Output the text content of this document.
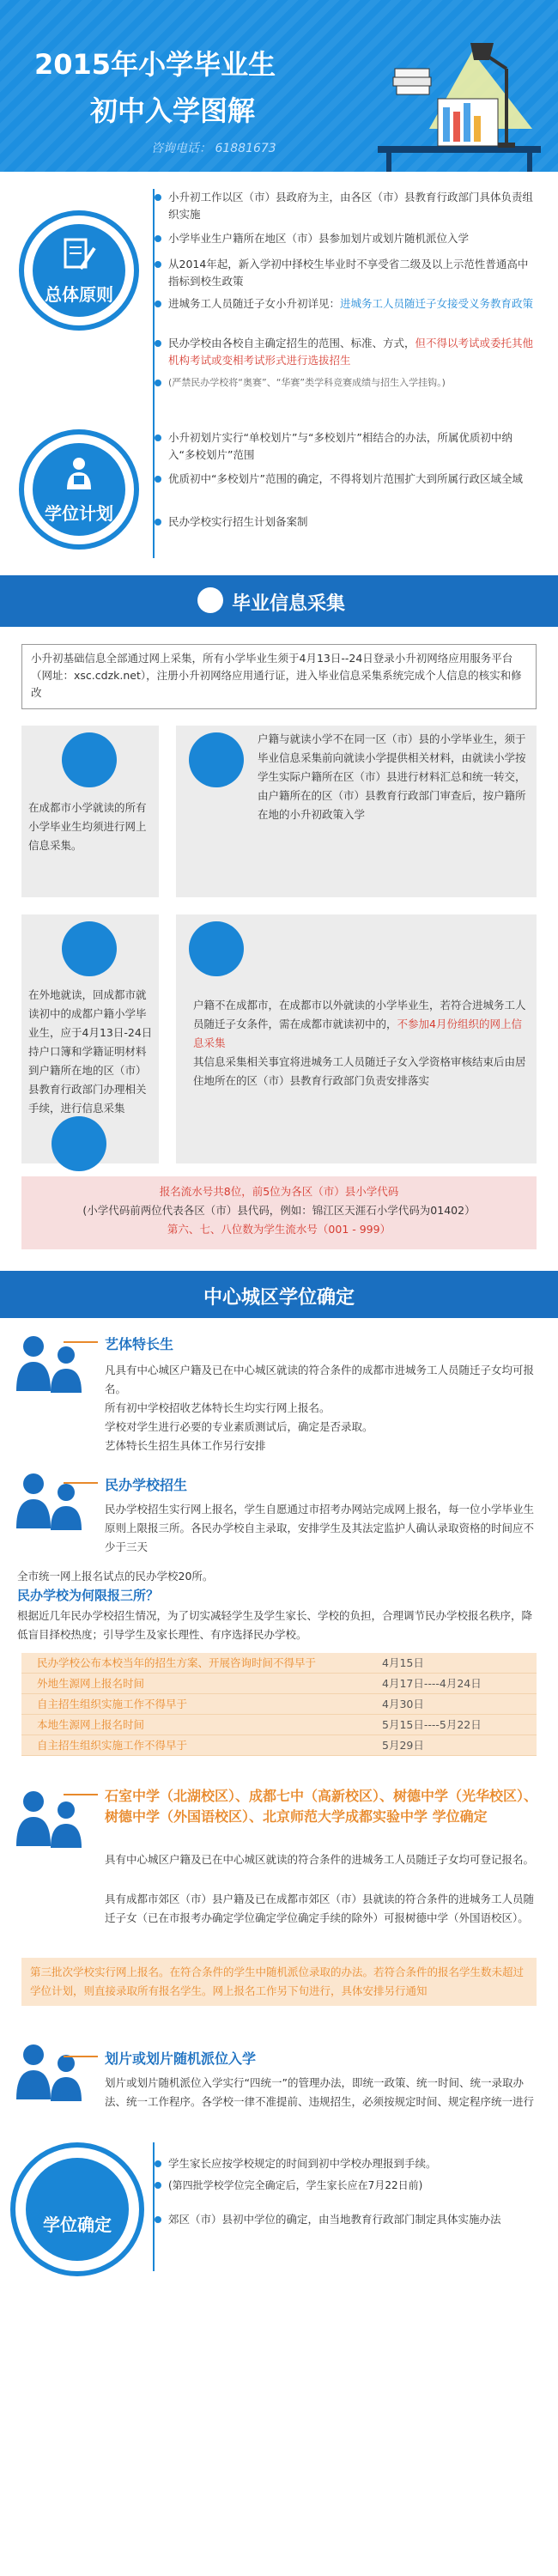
2015年小学毕业生
初中入学图解
咨询电话： 61881673
总体原则
小升初工作以区（市）县政府为主，由各区（市）县教育行政部门具体负责组织实施
小学毕业生户籍所在地区（市）县参加划片或划片随机派位入学
从2014年起，新入学初中择校生毕业时不享受省二级及以上示范性普通高中指标到校生政策
进城务工人员随迁子女小升初详见：进城务工人员随迁子女接受义务教育政策
民办学校由各校自主确定招生的范围、标准、方式，但不得以考试或委托其他机构考试或变相考试形式进行选拔招生
(严禁民办学校将“奥赛”、“华赛”类学科竞赛成绩与招生入学挂钩。)
学位计划
小升初划片实行“单校划片”与“多校划片”相结合的办法，所属优质初中纳入“多校划片”范围
优质初中“多校划片”范围的确定，不得将划片范围扩大到所属行政区域全域
民办学校实行招生计划备案制
毕业信息采集
小升初基础信息全部通过网上采集，所有小学毕业生须于4月13日--24日登录小升初网络应用服务平台（网址：xsc.cdzk.net），注册小升初网络应用通行证，进入毕业信息采集系统完成个人信息的核实和修改
在成都市小学就读的所有小学毕业生均须进行网上信息采集。
户籍与就读小学不在同一区（市）县的小学毕业生，须于毕业信息采集前向就读小学提供相关材料，由就读小学按学生实际户籍所在区（市）县进行材料汇总和统一转交，由户籍所在的区（市）县教育行政部门审查后，按户籍所在地的小升初政策入学
在外地就读，回成都市就读初中的成都户籍小学毕业生，应于4月13日-24日持户口簿和学籍证明材料到户籍所在地的区（市）县教育行政部门办理相关手续，进行信息采集
户籍不在成都市，在成都市以外就读的小学毕业生，若符合进城务工人员随迁子女条件，需在成都市就读初中的，不参加4月份组织的网上信息采集
其信息采集相关事宜将进城务工人员随迁子女入学资格审核结束后由居住地所在的区（市）县教育行政部门负责安排落实
报名流水号共8位，前5位为各区（市）县小学代码
(小学代码前两位代表各区（市）县代码，例如：锦江区天涯石小学代码为01402）
第六、七、八位数为学生流水号（001 - 999）
中心城区学位确定
艺体特长生
凡具有中心城区户籍及已在中心城区就读的符合条件的成都市进城务工人员随迁子女均可报名。
所有初中学校招收艺体特长生均实行网上报名。
学校对学生进行必要的专业素质测试后，确定是否录取。
艺体特长生招生具体工作另行安排
民办学校招生
民办学校招生实行网上报名，学生自愿通过市招考办网站完成网上报名，每一位小学毕业生原则上限报三所。各民办学校自主录取，安排学生及其法定监护人确认录取资格的时间应不少于三天
全市统一网上报名试点的民办学校20所。
民办学校为何限报三所？
根据近几年民办学校招生情况，为了切实减轻学生及学生家长、学校的负担，合理调节民办学校报名秩序，降低盲目择校热度；引导学生及家长理性、有序选择民办学校。
民办学校公布本校当年的招生方案、开展咨询时间不得早于	4月15日
外地生源网上报名时间	4月17日----4月24日
自主招生组织实施工作不得早于	4月30日
本地生源网上报名时间	5月15日----5月22日
自主招生组织实施工作不得早于	5月29日
石室中学（北湖校区）、成都七中（高新校区）、树德中学（光华校区）、树德中学（外国语校区）、北京师范大学成都实验中学 学位确定
具有中心城区户籍及已在中心城区就读的符合条件的进城务工人员随迁子女均可登记报名。
具有成都市郊区（市）县户籍及已在成都市郊区（市）县就读的符合条件的进城务工人员随迁子女（已在市报考办确定学位确定学位确定手续的除外）可报树德中学（外国语校区）。
第三批次学校实行网上报名。在符合条件的学生中随机派位录取的办法。若符合条件的报名学生数未超过学位计划，则直接录取所有报名学生。网上报名工作另下旬进行，具体安排另行通知
划片或划片随机派位入学
划片或划片随机派位入学实行“四统一”的管理办法，即统一政策、统一时间、统一录取办法、统一工作程序。各学校一律不准提前、违规招生，必须按规定时间、规定程序统一进行
学位确定
学生家长应按学校规定的时间到初中学校办理报到手续。
(第四批学校学位完全确定后，学生家长应在7月22日前)
郊区（市）县初中学位的确定，由当地教育行政部门制定具体实施办法
